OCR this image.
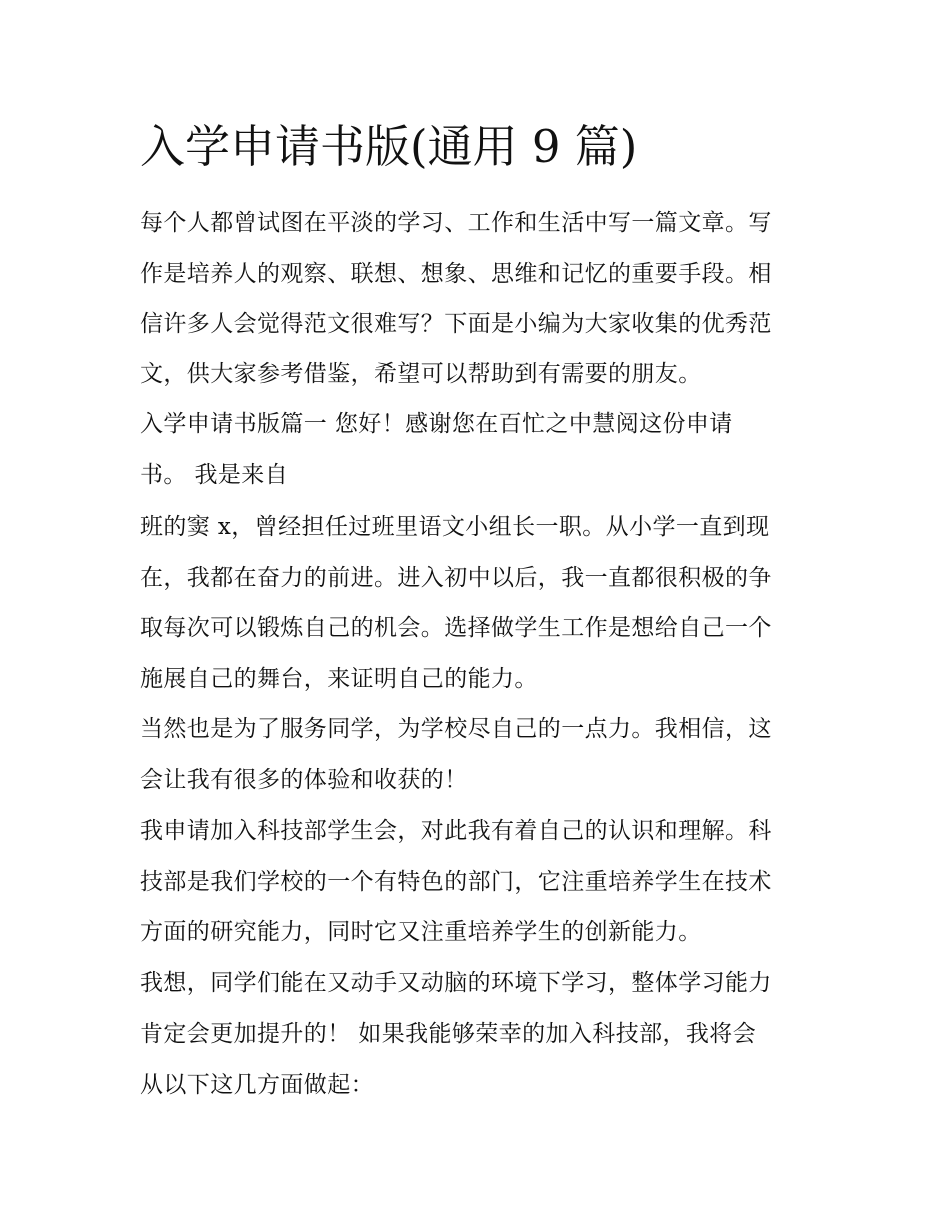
入学申请书版(通用 9 篇)

每个人都曾试图在平淡的学习、工作和生活中写一篇文章。写

作是培养人的观察、联想、想象、思维和记忆的重要手段。相

信许多人会觉得范文很难写？下面是小编为大家收集的优秀范

文，供大家参考借鉴，希望可以帮助到有需要的朋友。

入学申请书版篇一 您好！感谢您在百忙之中慧阅这份申请

书。 我是来自

班的窦 x，曾经担任过班里语文小组长一职。从小学一直到现

在，我都在奋力的前进。进入初中以后，我一直都很积极的争

取每次可以锻炼自己的机会。选择做学生工作是想给自己一个

施展自己的舞台，来证明自己的能力。

当然也是为了服务同学，为学校尽自己的一点力。我相信，这

会让我有很多的体验和收获的！

我申请加入科技部学生会，对此我有着自己的认识和理解。科

技部是我们学校的一个有特色的部门，它注重培养学生在技术

方面的研究能力，同时它又注重培养学生的创新能力。

我想，同学们能在又动手又动脑的环境下学习，整体学习能力

肯定会更加提升的！ 如果我能够荣幸的加入科技部，我将会

从以下这几方面做起：
